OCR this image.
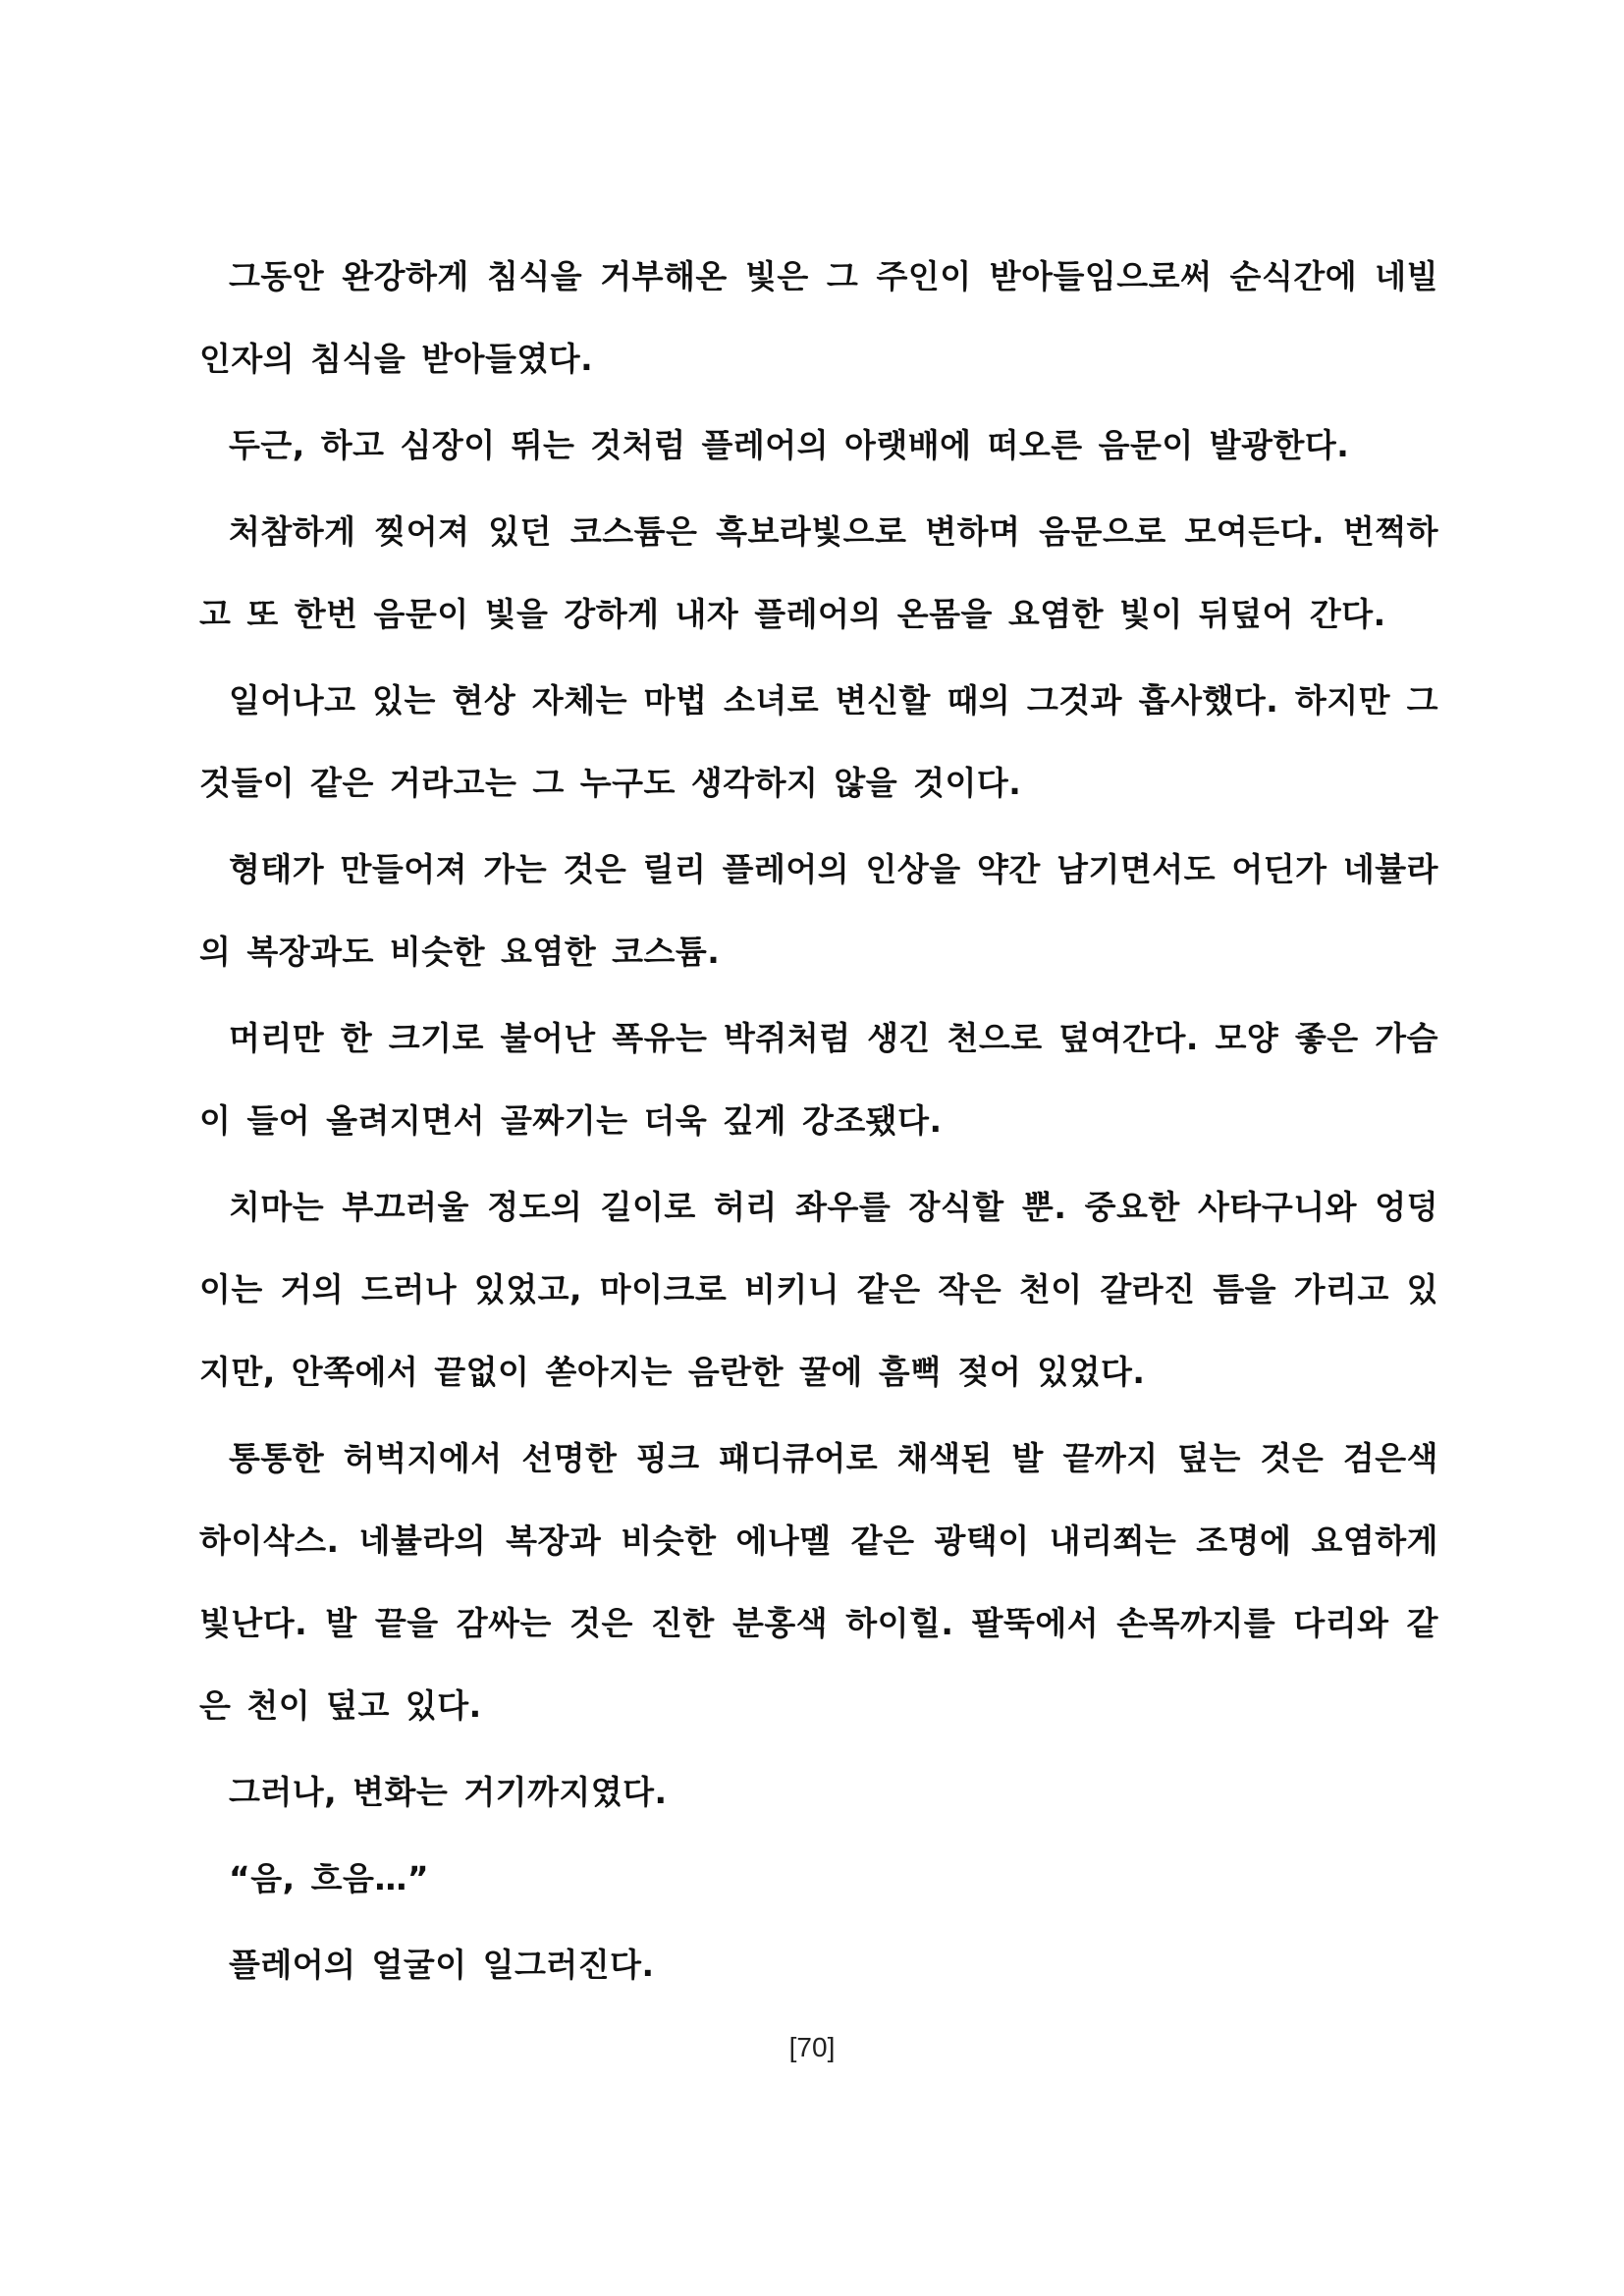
그동안 완강하게 침식을 거부해온 빛은 그 주인이 받아들임으로써 순식간에 네빌 인자의 침식을 받아들였다.

두근, 하고 심장이 뛰는 것처럼 플레어의 아랫배에 떠오른 음문이 발광한다.

처참하게 찢어져 있던 코스튬은 흑보라빛으로 변하며 음문으로 모여든다. 번쩍하고 또 한번 음문이 빛을 강하게 내자 플레어의 온몸을 요염한 빛이 뒤덮어 간다.

일어나고 있는 현상 자체는 마법 소녀로 변신할 때의 그것과 흡사했다. 하지만 그것들이 같은 거라고는 그 누구도 생각하지 않을 것이다.

형태가 만들어져 가는 것은 릴리 플레어의 인상을 약간 남기면서도 어딘가 네뷸라의 복장과도 비슷한 요염한 코스튬.

머리만 한 크기로 불어난 폭유는 박쥐처럼 생긴 천으로 덮여간다. 모양 좋은 가슴이 들어 올려지면서 골짜기는 더욱 깊게 강조됐다.

치마는 부끄러울 정도의 길이로 허리 좌우를 장식할 뿐. 중요한 사타구니와 엉덩이는 거의 드러나 있었고, 마이크로 비키니 같은 작은 천이 갈라진 틈을 가리고 있지만, 안쪽에서 끝없이 쏟아지는 음란한 꿀에 흠뻑 젖어 있었다.

통통한 허벅지에서 선명한 핑크 패디큐어로 채색된 발 끝까지 덮는 것은 검은색 하이삭스. 네뷸라의 복장과 비슷한 에나멜 같은 광택이 내리쬐는 조명에 요염하게 빛난다. 발 끝을 감싸는 것은 진한 분홍색 하이힐. 팔뚝에서 손목까지를 다리와 같은 천이 덮고 있다.

그러나, 변화는 거기까지였다.

“음, 흐음…”

플레어의 얼굴이 일그러진다.

[70]
